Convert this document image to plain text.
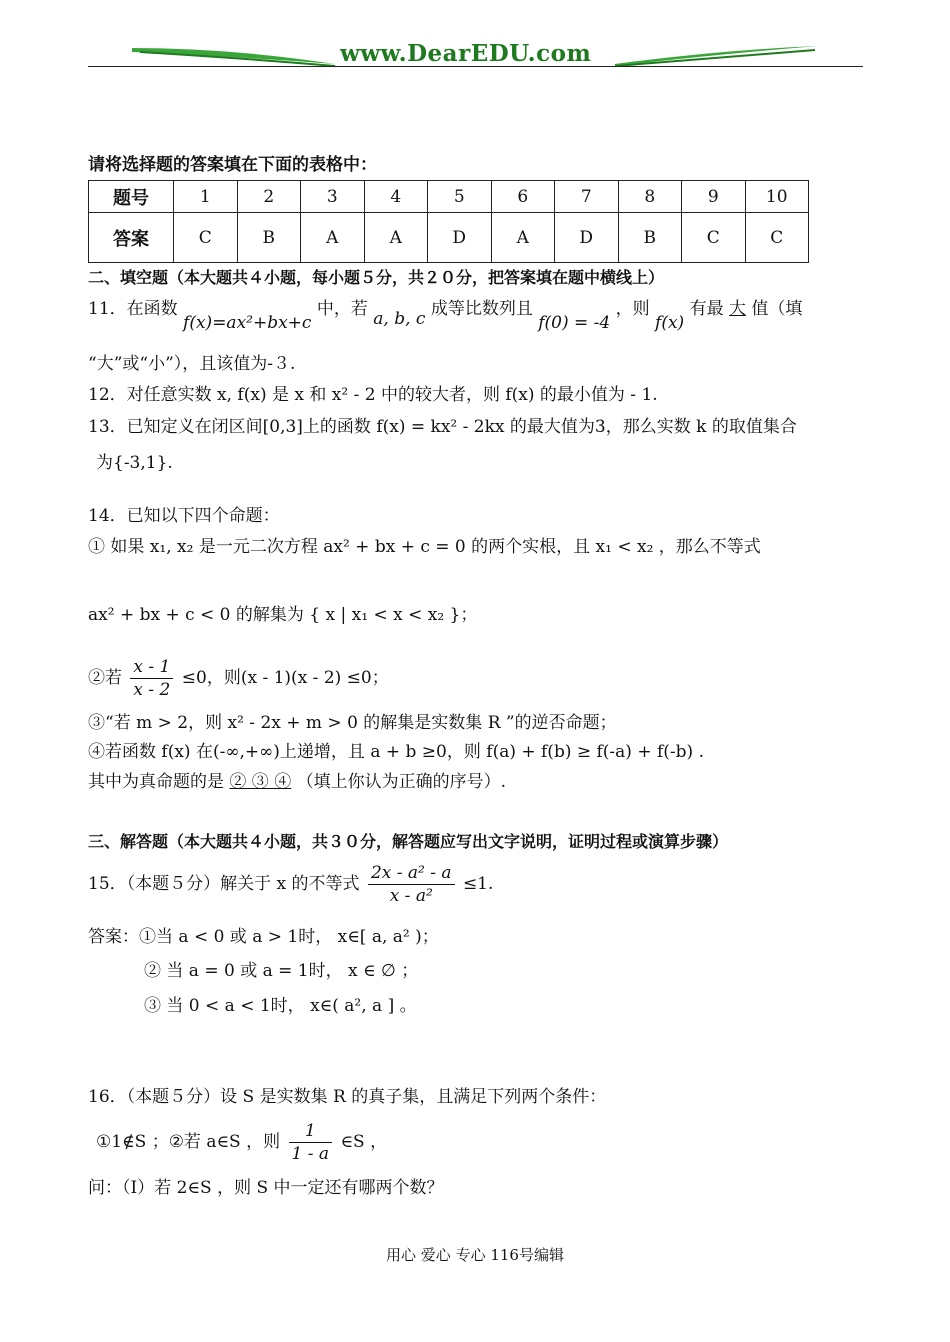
www.DearEDU.com
请将选择题的答案填在下面的表格中：
题号	1	2	3	4	5	6	7	8	9	10
答案	C	B	A	A	D	A	D	B	C	C
二、填空题（本大题共４小题，每小题５分，共２０分，把答案填在题中横线上）
11．在函数 f(x)=ax²+bx+c 中，若 a, b, c 成等比数列且 f(0) = -4 ，则 f(x) 有最 大 值（填
“大”或“小”），且该值为-３.
12．对任意实数 x, f(x) 是 x 和 x² - 2 中的较大者，则 f(x) 的最小值为 - 1.
13．已知定义在闭区间[0,3]上的函数 f(x) = kx² - 2kx 的最大值为3，那么实数 k 的取值集合
为{-3,1}.
14．已知以下四个命题：
① 如果 x₁, x₂ 是一元二次方程 ax² + bx + c = 0 的两个实根，且 x₁ < x₂ ，那么不等式
ax² + bx + c < 0 的解集为 { x | x₁ < x < x₂ }；
②若 $\frac{x - 1}{x - 2} \le 0$，则(x - 1)(x - 2) ≤0；
③“若 m > 2，则 x² - 2x + m > 0 的解集是实数集 R ”的逆否命题；
④若函数 f(x) 在(-∞,+∞)上递增，且 a + b ≥0，则 f(a) + f(b) ≥ f(-a) + f(-b) .
其中为真命题的是 ② ③ ④ （填上你认为正确的序号）.
三、解答题（本大题共４小题，共３０分，解答题应写出文字说明，证明过程或演算步骤）
15．（本题５分）解关于 x 的不等式 $\frac{\text{2x - a² - a}}{\text{x - a²}} \le 1$.
答案：①当 a < 0 或 a > 1时， x∈[ a, a² )；
② 当 a = 0 或 a = 1时， x ∈ ∅ ；
③ 当 0 < a < 1时， x∈( a², a ] 。
16．（本题５分）设 S 是实数集 R 的真子集，且满足下列两个条件：
①1∉S ；②若 a∈S ，则 $\frac{1}{1 - a}$ ∈S ，
问：（Ⅰ）若 2∈S ，则 S 中一定还有哪两个数？
用心 爱心 专心 116号编辑
